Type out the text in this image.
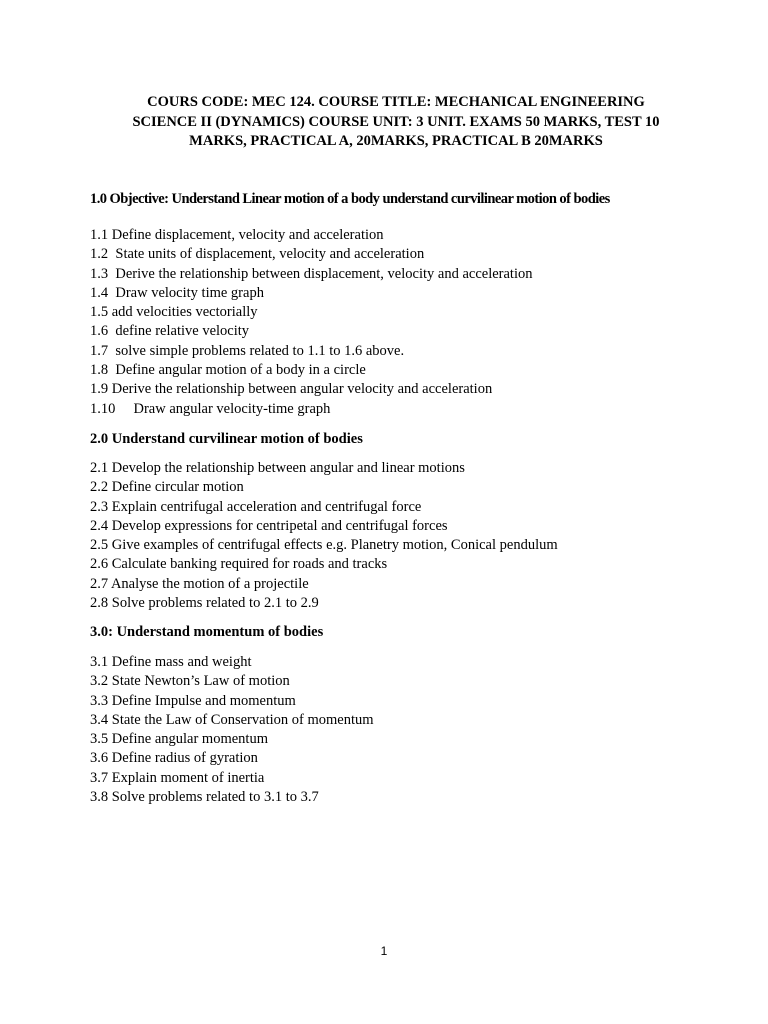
COURS CODE: MEC 124. COURSE TITLE: MECHANICAL ENGINEERING
SCIENCE II (DYNAMICS) COURSE UNIT: 3 UNIT. EXAMS 50 MARKS, TEST 10
MARKS, PRACTICAL A, 20MARKS, PRACTICAL B 20MARKS
1.0 Objective: Understand Linear motion of a body understand curvilinear motion of bodies
1.1 Define displacement, velocity and acceleration
1.2  State units of displacement, velocity and acceleration
1.3  Derive the relationship between displacement, velocity and acceleration
1.4  Draw velocity time graph
1.5 add velocities vectorially
1.6  define relative velocity
1.7  solve simple problems related to 1.1 to 1.6 above.
1.8  Define angular motion of a body in a circle
1.9 Derive the relationship between angular velocity and acceleration
1.10     Draw angular velocity-time graph
2.0 Understand curvilinear motion of bodies
2.1 Develop the relationship between angular and linear motions
2.2 Define circular motion
2.3 Explain centrifugal acceleration and centrifugal force
2.4 Develop expressions for centripetal and centrifugal forces
2.5 Give examples of centrifugal effects e.g. Planetry motion, Conical pendulum
2.6 Calculate banking required for roads and tracks
2.7 Analyse the motion of a projectile
2.8 Solve problems related to 2.1 to 2.9
3.0: Understand momentum of bodies
3.1 Define mass and weight
3.2 State Newton’s Law of motion
3.3 Define Impulse and momentum
3.4 State the Law of Conservation of momentum
3.5 Define angular momentum
3.6 Define radius of gyration
3.7 Explain moment of inertia
3.8 Solve problems related to 3.1 to 3.7
1
